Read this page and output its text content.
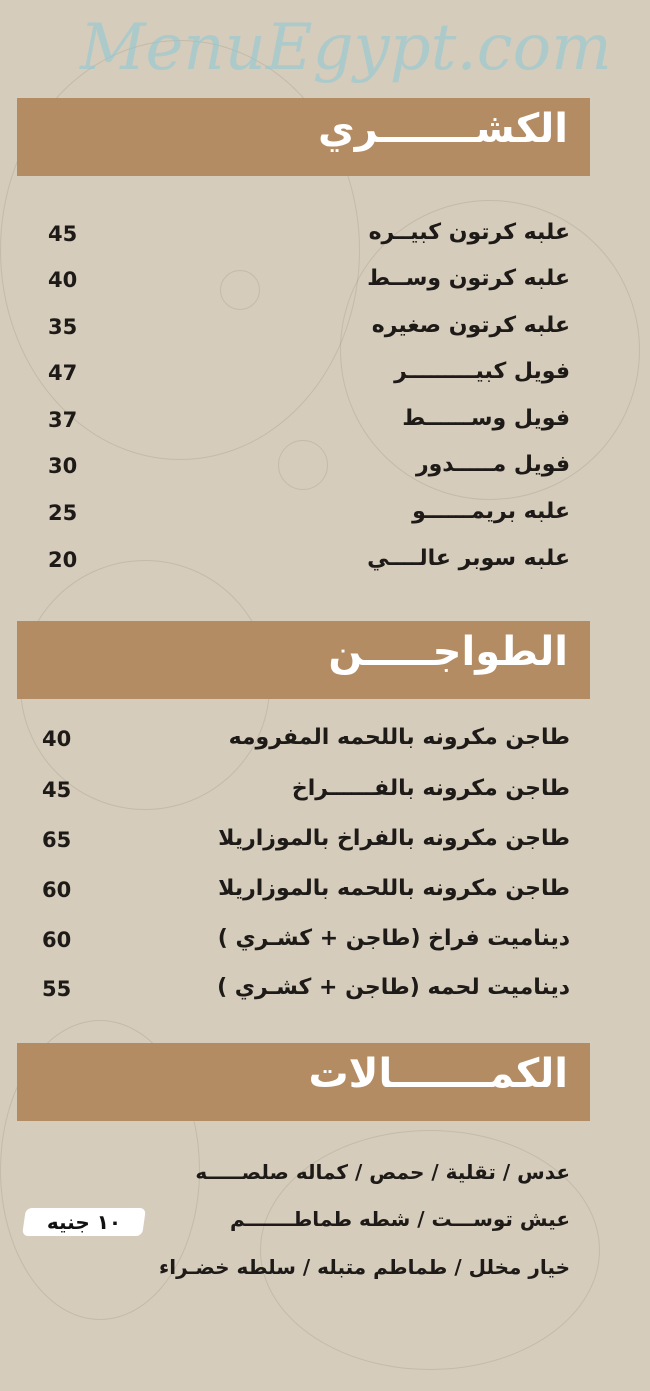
MenuEgypt.com
الكشـــــــري
علبه كرتون كبيــره
45
علبه كرتون وســط
40
علبه كرتون صغيره
35
فويل كبيـــــــــر
47
فويل وســــــط
37
فويل مـــــدور
30
علبه بريمــــــو
25
علبه سوبر عالــــي
20
الطواجـــــن
طاجن مكرونه باللحمه المفرومه
40
طاجن مكرونه بالفــــــراخ
45
طاجن مكرونه بالفراخ بالموزاريلا
65
طاجن مكرونه باللحمه بالموزاريلا
60
ديناميت فراخ (طاجن + كشـري )
60
ديناميت لحمه (طاجن + كشـري )
55
الكمـــــــالات
عدس / تقلية / حمص / كماله صلصـــــه
عيش توســـت / شطه طماطـــــــم
خيار مخلل / طماطم متبله / سلطه خضـراء
١٠ جنيه
